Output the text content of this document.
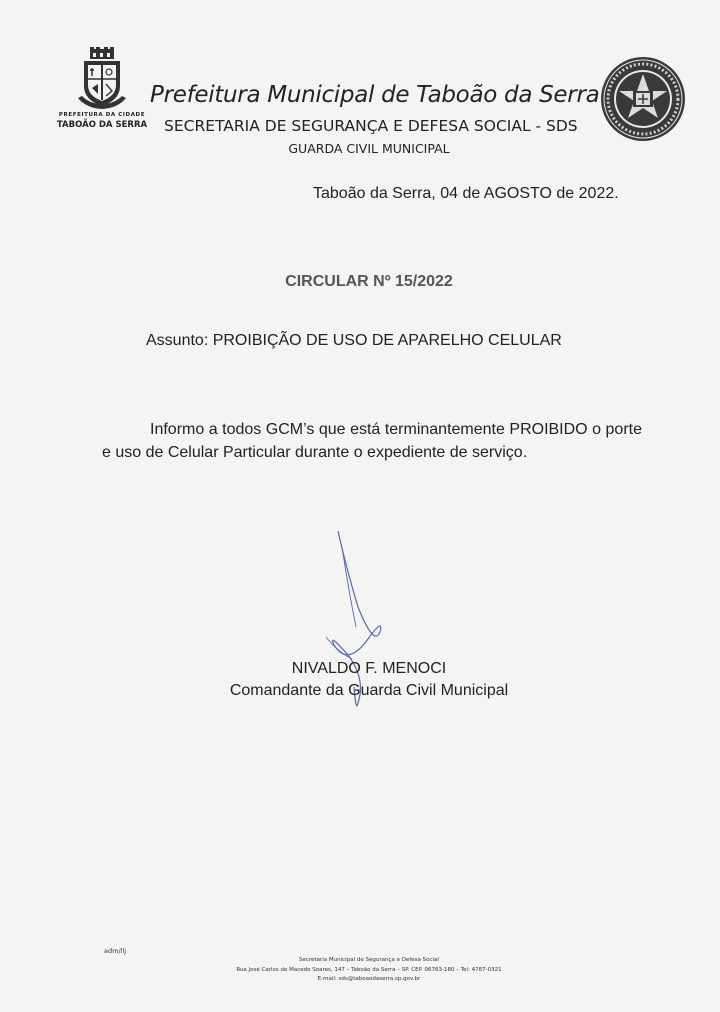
PREFEITURA DA CIDADE
TABOÃO DA SERRA
Prefeitura Municipal de Taboão da Serra
SECRETARIA DE SEGURANÇA E DEFESA SOCIAL - SDS
GUARDA CIVIL MUNICIPAL
Taboão da Serra, 04 de AGOSTO de 2022.
CIRCULAR Nº 15/2022
Assunto: PROIBIÇÃO DE USO DE APARELHO CELULAR
Informo a todos GCM’s que está terminantemente PROIBIDO o porte e uso de Celular Particular durante o expediente de serviço.
NIVALDO F. MENOCI
Comandante da Guarda Civil Municipal
adm/llj
Secretaria Municipal de Segurança e Defesa Social
Rua José Carlos de Macedo Soares, 147 – Taboão da Serra – SP. CEP. 06763-180 – Tel: 4787-0321
E-mail: sds@taboaodaserra.sp.gov.br
